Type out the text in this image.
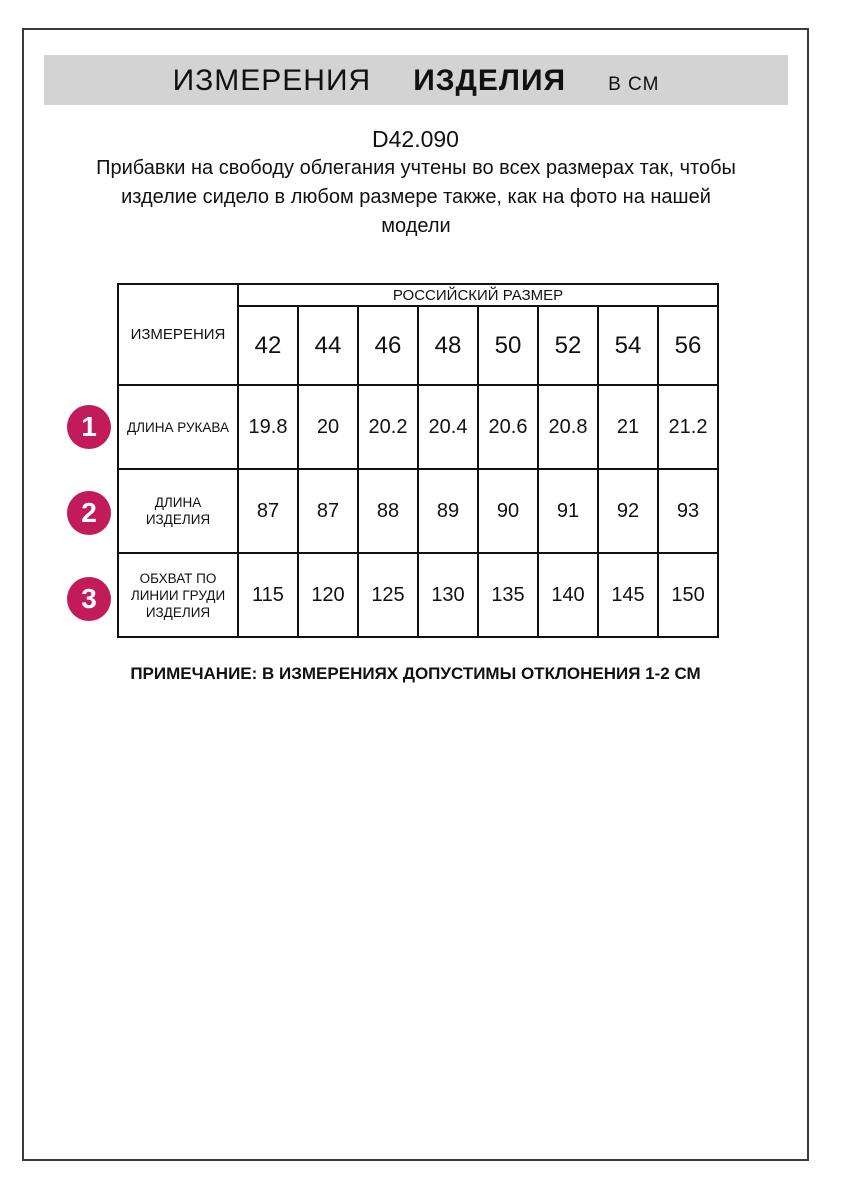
ИЗМЕРЕНИЯ ИЗДЕЛИЯ В СМ
D42.090
Прибавки на свободу облегания учтены во всех размерах так, чтобы изделие сидело в любом размере также, как на фото на нашей модели
1
2
3
ИЗМЕРЕНИЯ	РОССИЙСКИЙ РАЗМЕР							
	42	44	46	48	50	52	54	56
ДЛИНА РУКАВА	19.8	20	20.2	20.4	20.6	20.8	21	21.2
ДЛИНА ИЗДЕЛИЯ	87	87	88	89	90	91	92	93
ОБХВАТ ПО ЛИНИИ ГРУДИ ИЗДЕЛИЯ	115	120	125	130	135	140	145	150
ПРИМЕЧАНИЕ: В ИЗМЕРЕНИЯХ ДОПУСТИМЫ ОТКЛОНЕНИЯ 1-2 СМ
